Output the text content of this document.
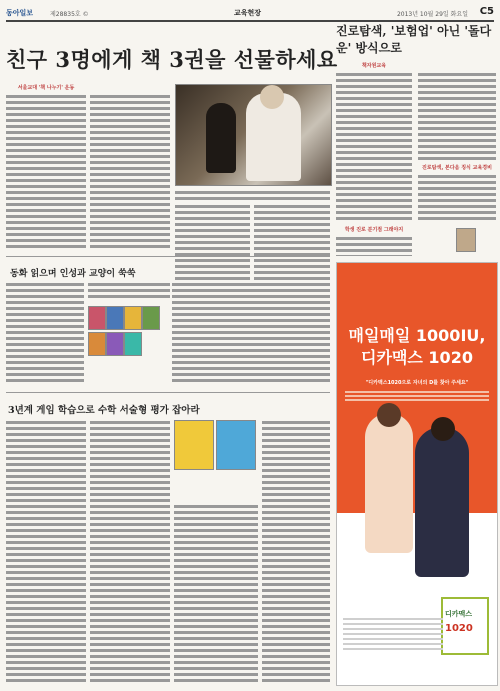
동아일보	제28835호 ©	교육현장	2013년 10월 29일 화요일 C5
친구 3명에게 책 3권을 선물하세요
서울교대 '책 나누기' 운동
동화 읽으며 인성과 교양이 쑥쑥
3년계 게임 학습으로 수학 서술형 평가 잡아라
진로탐색, '보험업' 아닌 '돌다운' 방식으로
책자원교육
진로탐색, 본다음 징식 교육경비
학생 진로 분기점 그래야지
매일매일 1000IU,
디카맥스 1020
"디카맥스1020으로 자녀의 D를 찾아 주세요"
디카맥스
1020
